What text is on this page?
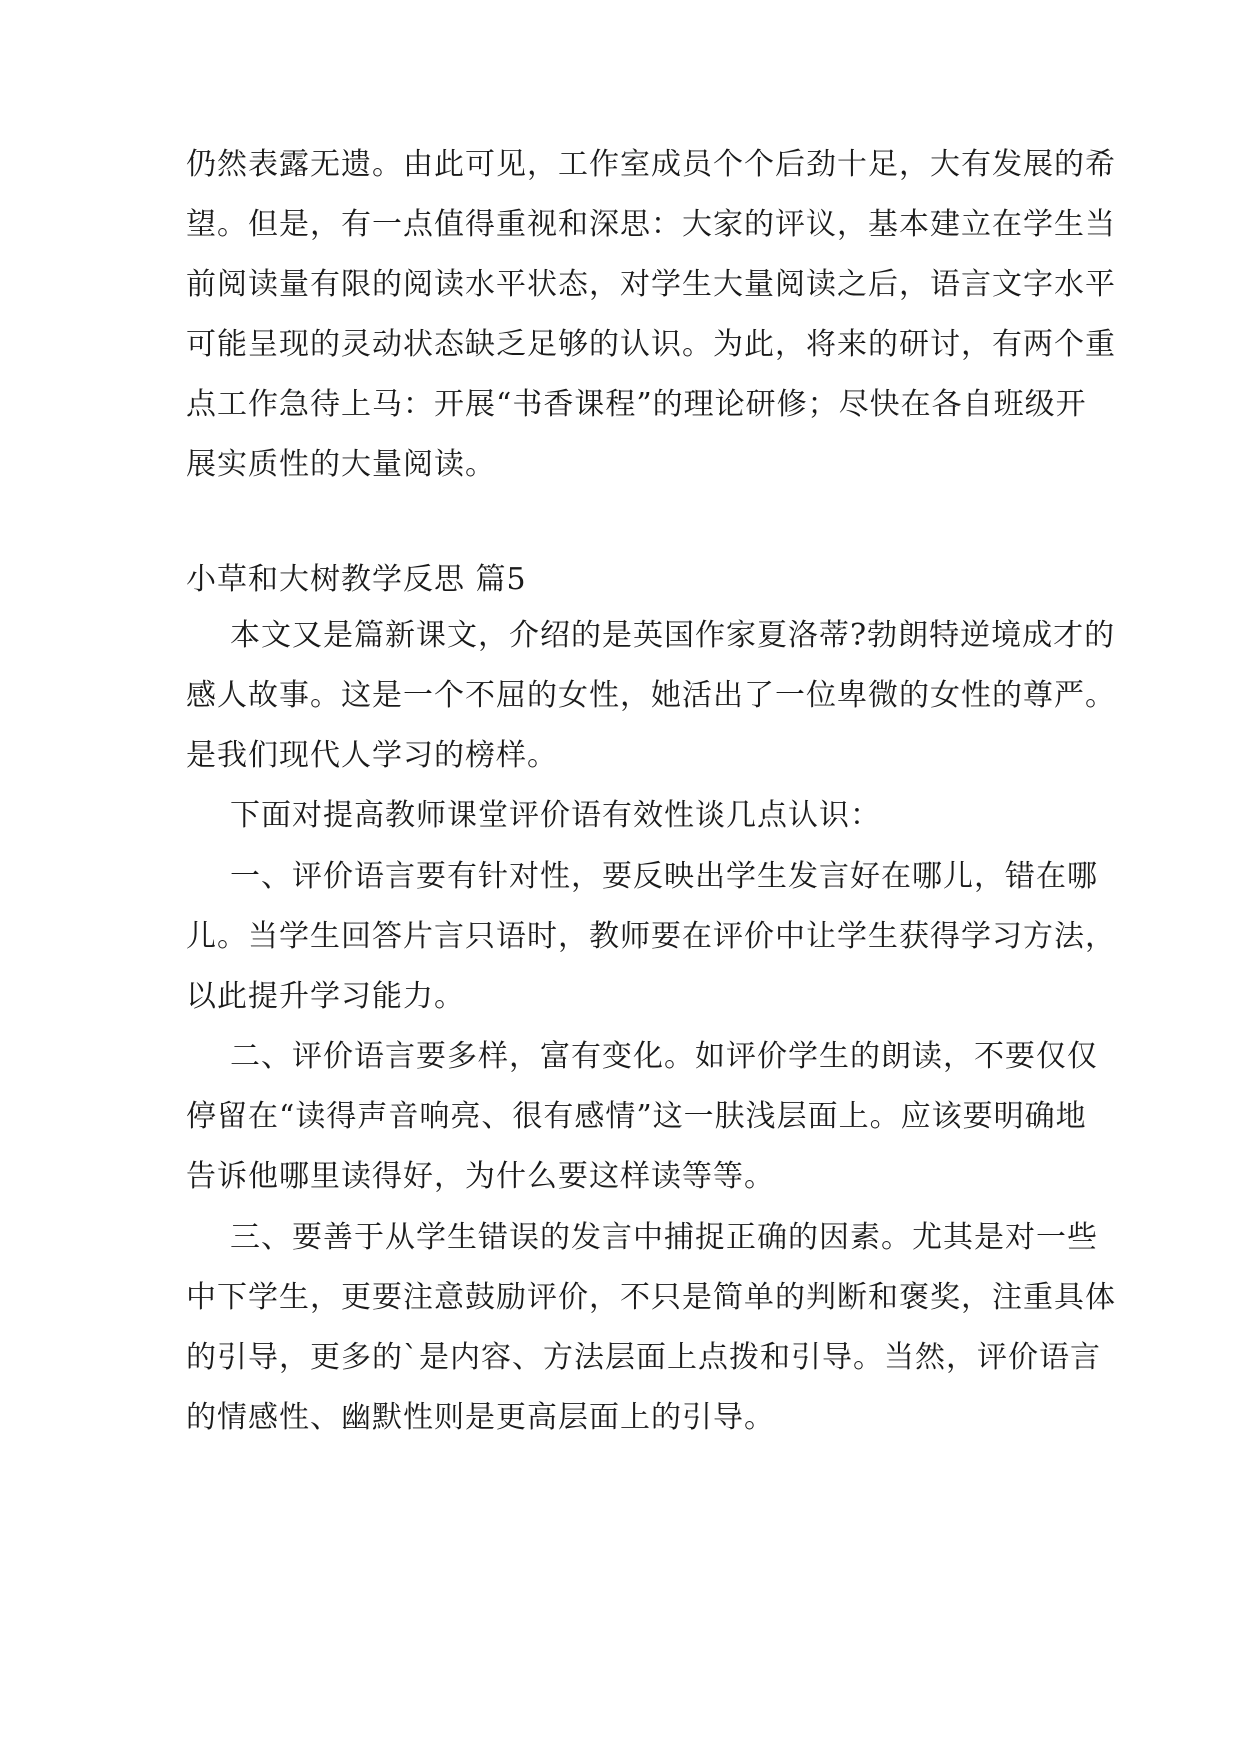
仍然表露无遗。由此可见，工作室成员个个后劲十足，大有发展的希
望。但是，有一点值得重视和深思：大家的评议，基本建立在学生当
前阅读量有限的阅读水平状态，对学生大量阅读之后，语言文字水平
可能呈现的灵动状态缺乏足够的认识。为此，将来的研讨，有两个重
点工作急待上马：开展“书香课程”的理论研修；尽快在各自班级开
展实质性的大量阅读。
小草和大树教学反思 篇5
本文又是篇新课文，介绍的是英国作家夏洛蒂?勃朗特逆境成才的
感人故事。这是一个不屈的女性，她活出了一位卑微的女性的尊严。
是我们现代人学习的榜样。
下面对提高教师课堂评价语有效性谈几点认识：
一、评价语言要有针对性，要反映出学生发言好在哪儿，错在哪
儿。当学生回答片言只语时，教师要在评价中让学生获得学习方法，
以此提升学习能力。
二、评价语言要多样，富有变化。如评价学生的朗读，不要仅仅
停留在“读得声音响亮、很有感情”这一肤浅层面上。应该要明确地
告诉他哪里读得好，为什么要这样读等等。
三、要善于从学生错误的发言中捕捉正确的因素。尤其是对一些
中下学生，更要注意鼓励评价，不只是简单的判断和褒奖，注重具体
的引导，更多的`是内容、方法层面上点拨和引导。当然，评价语言
的情感性、幽默性则是更高层面上的引导。
